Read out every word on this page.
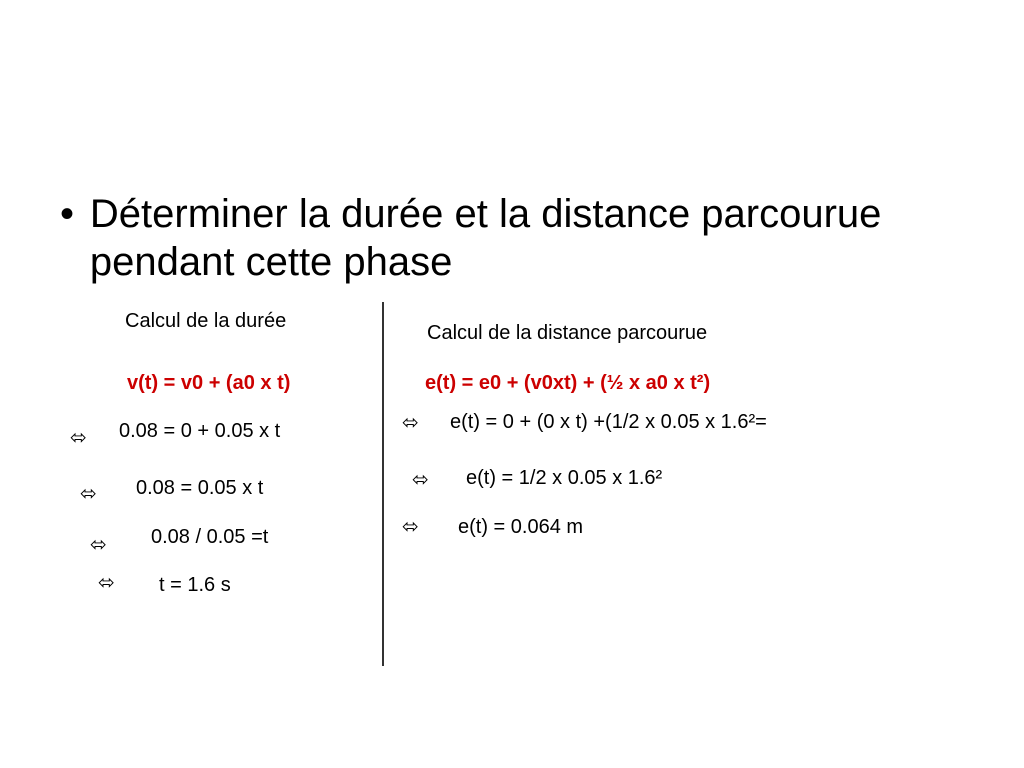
• Déterminer la durée et la distance parcourue pendant cette phase
Calcul de la durée
v(t) = v0 + (a0 x t)
⬄ 0.08 = 0 + 0.05 x t
⬄ 0.08 = 0.05 x t
⬄ 0.08 / 0.05 =t
⬄ t = 1.6 s
Calcul de la distance parcourue
e(t) = e0 + (v0xt) + (½ x a0 x t²)
⬄ e(t) = 0 + (0 x t) +(1/2 x 0.05 x 1.6²=
⬄ e(t) = 1/2 x 0.05 x 1.6²
⬄ e(t) = 0.064 m
